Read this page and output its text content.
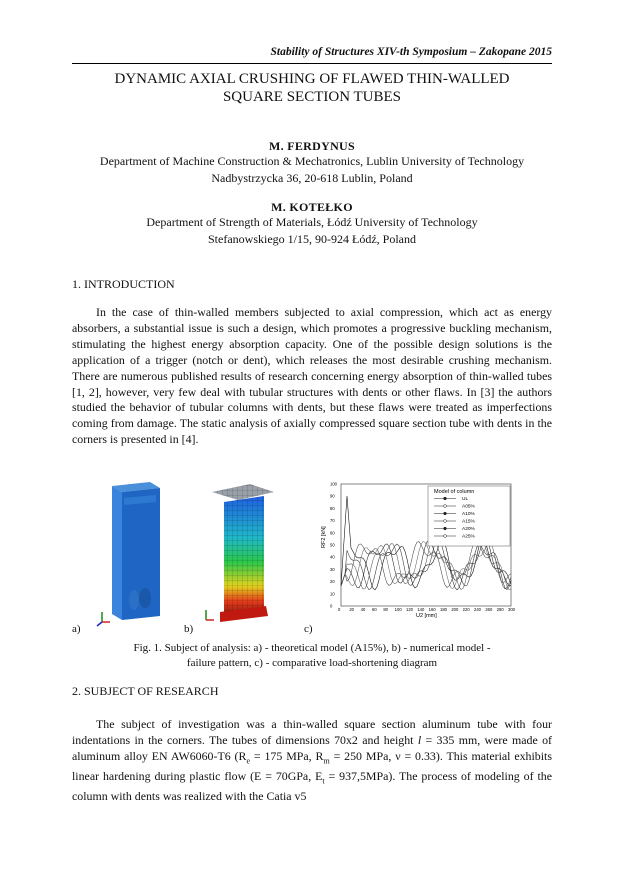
Stability of Structures XIV-th Symposium – Zakopane 2015
DYNAMIC AXIAL CRUSHING OF FLAWED THIN-WALLED
SQUARE SECTION TUBES
M. FERDYNUS
Department of Machine Construction & Mechatronics, Lublin University of Technology
Nadbystrzycka 36, 20-618 Lublin, Poland
M. KOTEŁKO
Department of Strength of Materials, Łódź University of Technology
Stefanowskiego 1/15, 90-924 Łódź, Poland
1. INTRODUCTION

In the case of thin-walled members subjected to axial compression, which act as energy absorbers, a substantial issue is such a design, which promotes a progressive buckling mechanism, stimulating the highest energy absorption capacity. One of the possible design solutions is the application of a trigger (notch or dent), which releases the most desirable crushing mechanism. There are numerous published results of research concerning energy absorption of thin-walled tubes [1, 2], however, very few deal with tubular structures with dents or other flaws. In [3] the authors studied the behavior of tubular columns with dents, but these flaws were treated as imperfections coming from damage. The static analysis of axially compressed square section tube with dents in the corners is presented in [4].

a)	b)
Model of column
UL
A05%
A10%
A15%
A20%
A25%
0 20 40 60 80 100 120 140 160 180 200 220 240 260 280 300
0
10
20
30
40
50
60
70
80
90
100
RF2 [kN]
U2 [mm]
c)
Fig. 1. Subject of analysis: a) - theoretical model (A15%), b) - numerical model -
failure pattern, c) - comparative load-shortening diagram
2. SUBJECT OF RESEARCH

The subject of investigation was a thin-walled square section aluminum tube with four indentations in the corners. The tubes of dimensions 70x2 and height l = 335 mm, were made of aluminum alloy EN AW6060-T6 ($R_e = 175$ MPa, $R_m = 250$ MPa, ν = 0.33). This material exhibits linear hardening during plastic flow (E = 70GPa, $E_t = 937,5MPa$). The process of modeling of the column with dents was realized with the Catia v5
